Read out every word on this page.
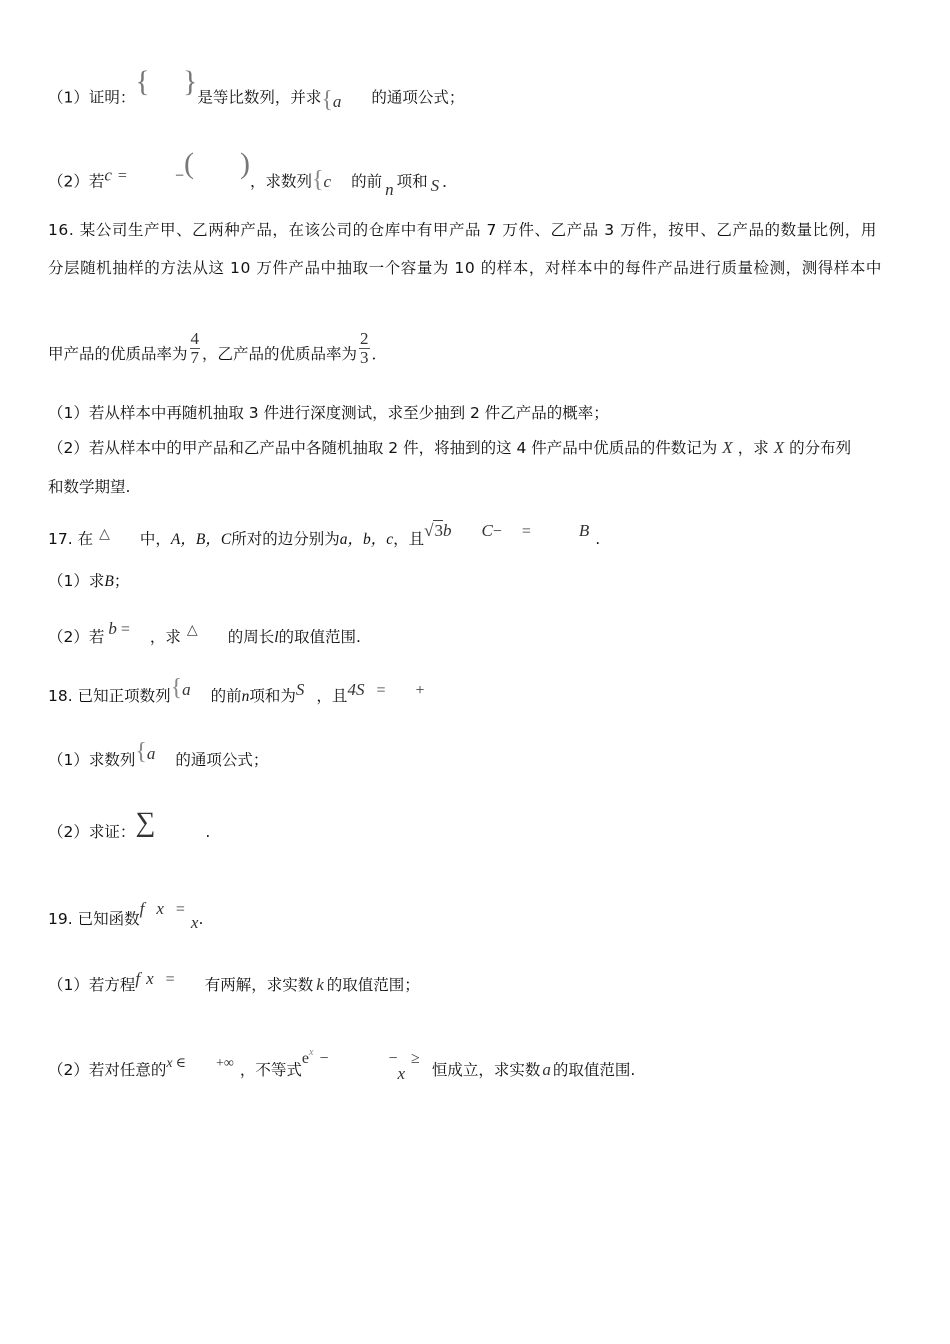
（1）证明： { } 是等比数列，并求{a 的通项公式；
（2）若c =	− ( )
，求数列{c 的前 n 项和 S ．
16. 某公司生产甲、乙两种产品，在该公司的仓库中有甲产品 7 万件、乙产品 3 万件，按甲、乙产品的数量比例，用
分层随机抽样的方法从这 10 万件产品中抽取一个容量为 10 的样本，对样本中的每件产品进行质量检测，测得样本中
甲产品的优质品率为 $\frac{4}{7}$ ，乙产品的优质品率为 $\frac{2}{3}$ ．
（1）若从样本中再随机抽取 3 件进行深度测试，求至少抽到 2 件乙产品的概率；
（2）若从样本中的甲产品和乙产品中各随机抽取 2 件，将抽到的这 4 件产品中优质品的件数记为 X ，求 X 的分布列
和数学期望.
17. 在 △ 中，A，B，C所对的边分别为a，b，c，且√3b C− =	B .
（1）求B；
（2）若 b = ，求 △ 的周长l的取值范围.
18. 已知正项数列{a 的前n项和为S ，且4S = +
（1）求数列{a 的通项公式；
（2）求证：∑	.
19. 已知函数f x =x.
（1）若方程f x = 有两解，求实数 k 的取值范围；
（2）若对任意的x ∈ +∞ ，不等式$e^x$ −	−x≥恒成立，求实数 a 的取值范围.
